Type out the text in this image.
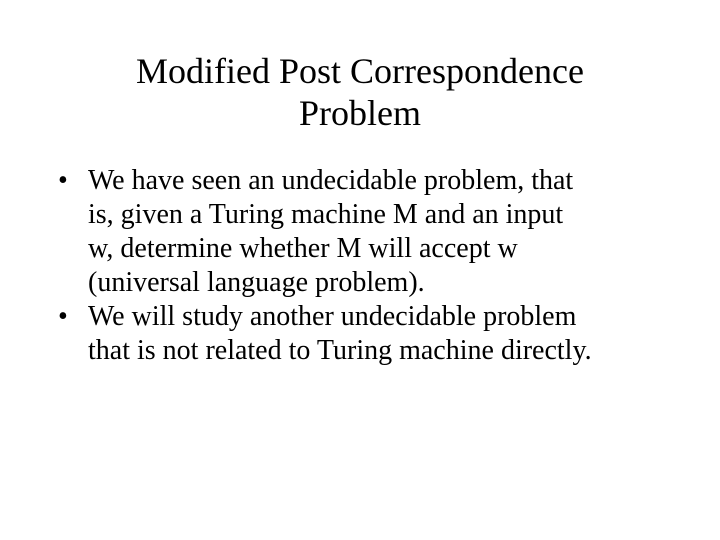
Modified Post Correspondence
Problem
• We have seen an undecidable problem, that
is, given a Turing machine M and an input
w, determine whether M will accept w
(universal language problem).
• We will study another undecidable problem
that is not related to Turing machine directly.
